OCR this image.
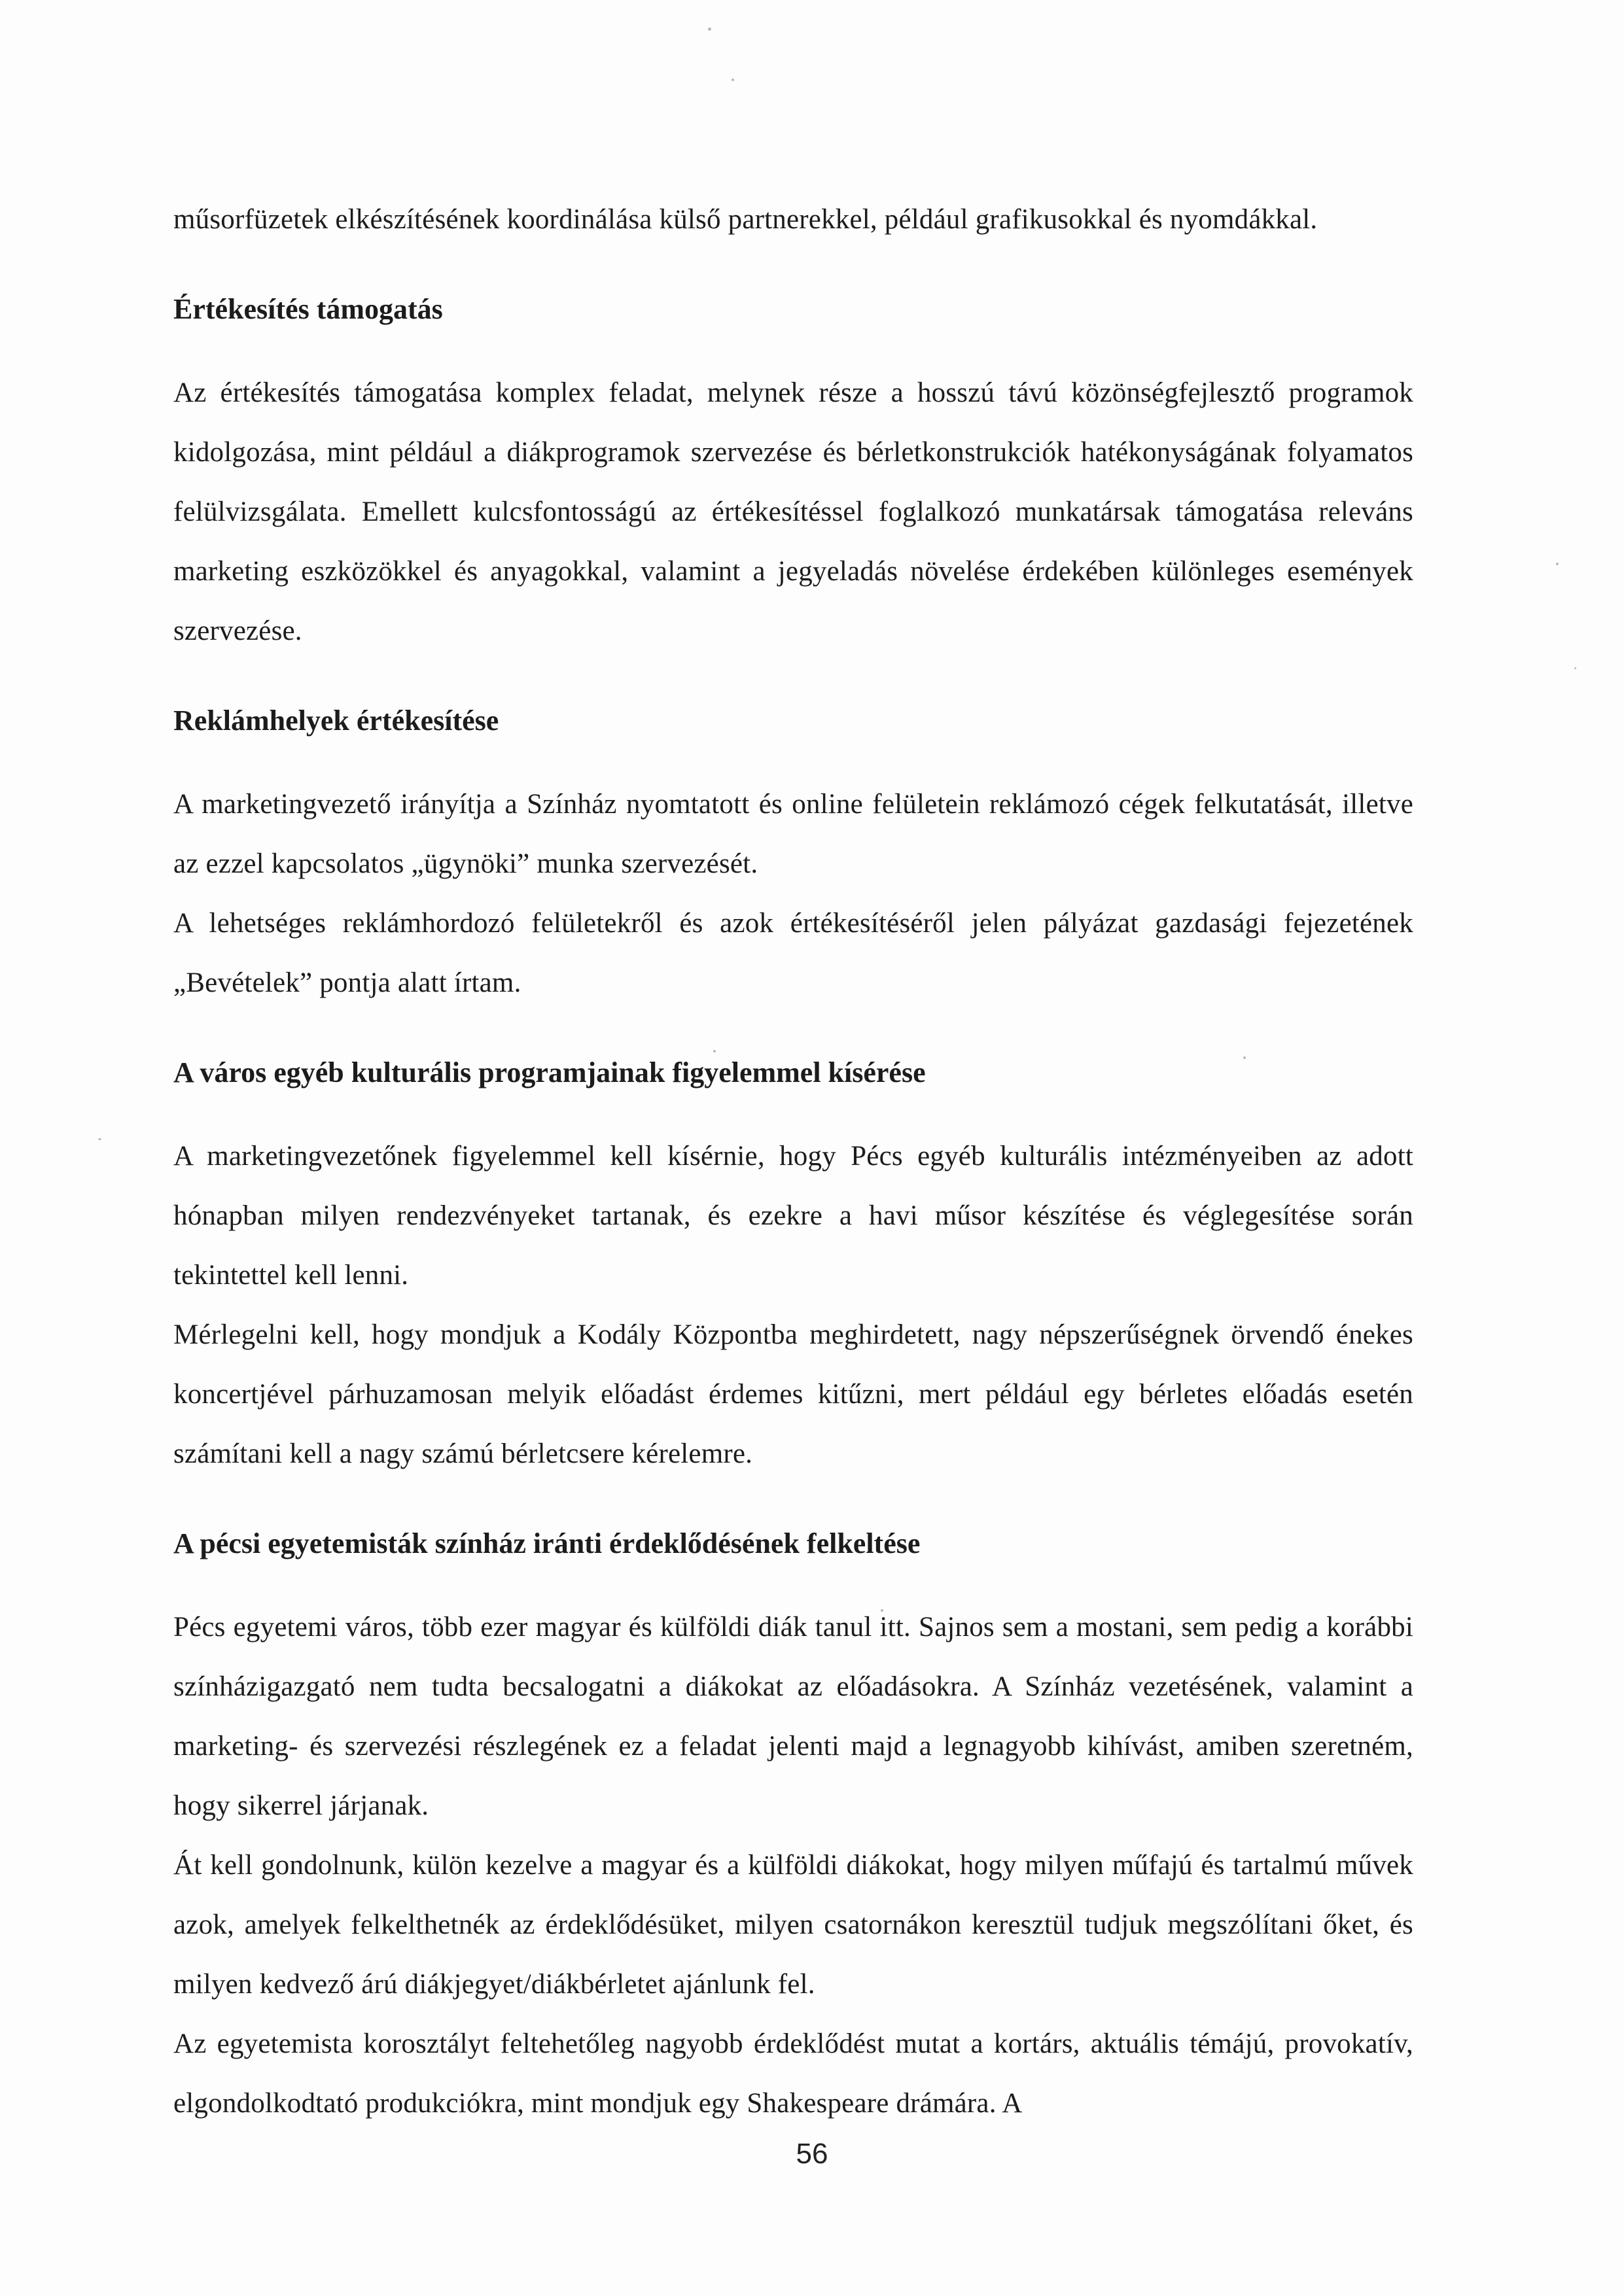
műsorfüzetek elkészítésének koordinálása külső partnerekkel, például grafikusokkal és nyomdákkal.

Értékesítés támogatás

Az értékesítés támogatása komplex feladat, melynek része a hosszú távú közönségfejlesztő programok kidolgozása, mint például a diákprogramok szervezése és bérletkonstrukciók hatékonyságának folyamatos felülvizsgálata. Emellett kulcsfontosságú az értékesítéssel foglalkozó munkatársak támogatása releváns marketing eszközökkel és anyagokkal, valamint a jegyeladás növelése érdekében különleges események szervezése.

Reklámhelyek értékesítése

A marketingvezető irányítja a Színház nyomtatott és online felületein reklámozó cégek felkutatását, illetve az ezzel kapcsolatos „ügynöki” munka szervezését.
A lehetséges reklámhordozó felületekről és azok értékesítéséről jelen pályázat gazdasági fejezetének „Bevételek” pontja alatt írtam.

A város egyéb kulturális programjainak figyelemmel kísérése

A marketingvezetőnek figyelemmel kell kísérnie, hogy Pécs egyéb kulturális intézményeiben az adott hónapban milyen rendezvényeket tartanak, és ezekre a havi műsor készítése és véglegesítése során tekintettel kell lenni.
Mérlegelni kell, hogy mondjuk a Kodály Központba meghirdetett, nagy népszerűségnek örvendő énekes koncertjével párhuzamosan melyik előadást érdemes kitűzni, mert például egy bérletes előadás esetén számítani kell a nagy számú bérletcsere kérelemre.

A pécsi egyetemisták színház iránti érdeklődésének felkeltése

Pécs egyetemi város, több ezer magyar és külföldi diák tanul itt. Sajnos sem a mostani, sem pedig a korábbi színházigazgató nem tudta becsalogatni a diákokat az előadásokra. A Színház vezetésének, valamint a marketing- és szervezési részlegének ez a feladat jelenti majd a legnagyobb kihívást, amiben szeretném, hogy sikerrel járjanak.
Át kell gondolnunk, külön kezelve a magyar és a külföldi diákokat, hogy milyen műfajú és tartalmú művek azok, amelyek felkelthetnék az érdeklődésüket, milyen csatornákon keresztül tudjuk megszólítani őket, és milyen kedvező árú diákjegyet/diákbérletet ajánlunk fel.
Az egyetemista korosztályt feltehetőleg nagyobb érdeklődést mutat a kortárs, aktuális témájú, provokatív, elgondolkodtató produkciókra, mint mondjuk egy Shakespeare drámára. A

56
